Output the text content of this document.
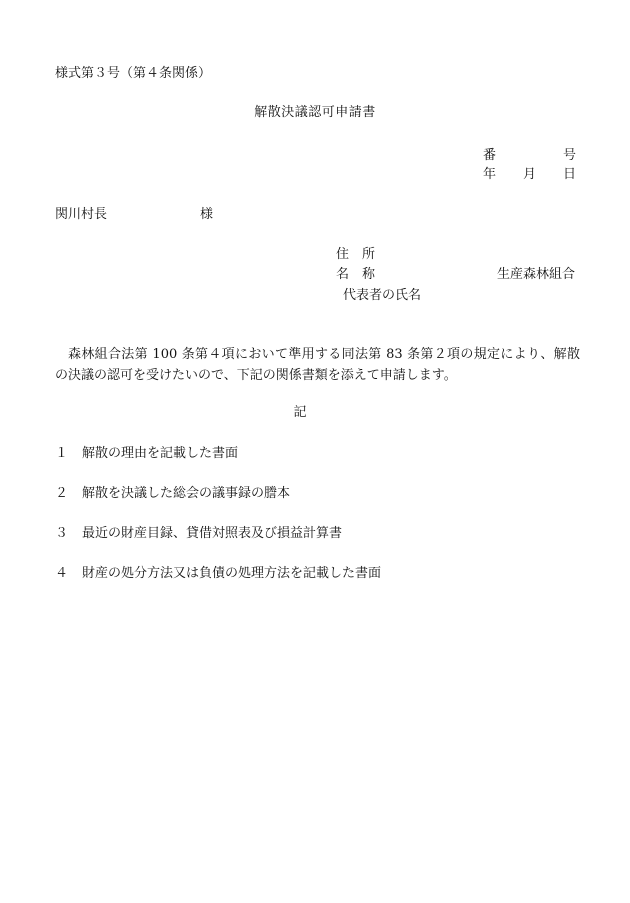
様式第３号（第４条関係）
解散決議認可申請書
番	号
年 月 日
関川村長	様
住　所
名　称	生産森林組合
代表者の氏名
森林組合法第 100 条第４項において準用する同法第 83 条第２項の規定により、解散の決議の認可を受けたいので、下記の関係書類を添えて申請します。
記
１ 解散の理由を記載した書面
２ 解散を決議した総会の議事録の謄本
３ 最近の財産目録、貸借対照表及び損益計算書
４ 財産の処分方法又は負債の処理方法を記載した書面
